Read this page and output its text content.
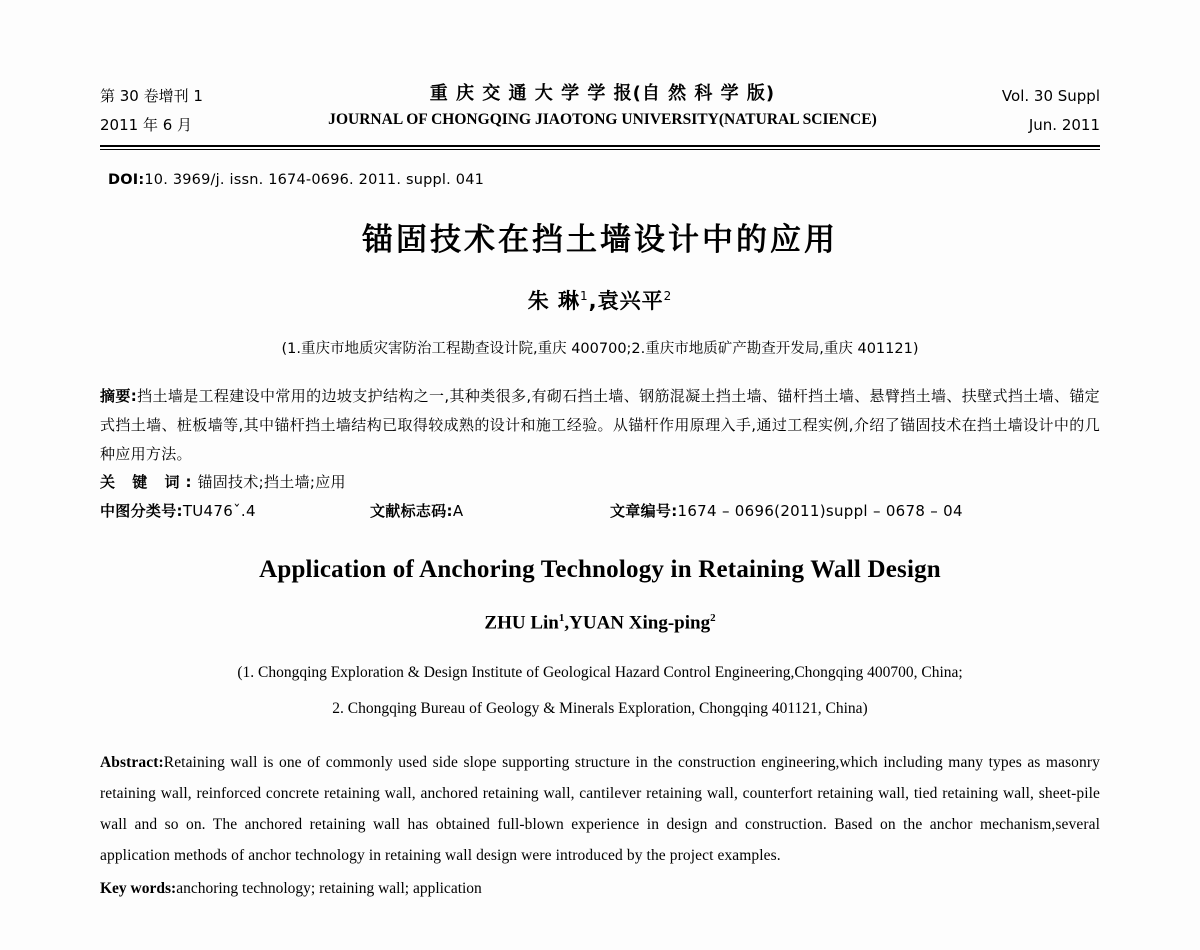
第 30 卷增刊 1
2011 年 6 月
重 庆 交 通 大 学 学 报(自 然 科 学 版)
JOURNAL OF CHONGQING JIAOTONG UNIVERSITY(NATURAL SCIENCE)
Vol. 30 Suppl
Jun. 2011
DOI:10. 3969/j. issn. 1674-0696. 2011. suppl. 041
锚固技术在挡土墙设计中的应用
朱 琳$^1$,袁兴平$^2$
(1.重庆市地质灾害防治工程勘查设计院,重庆 400700;2.重庆市地质矿产勘查开发局,重庆 401121)
摘要:挡土墙是工程建设中常用的边坡支护结构之一,其种类很多,有砌石挡土墙、钢筋混凝土挡土墙、锚杆挡土墙、悬臂挡土墙、扶壁式挡土墙、锚定式挡土墙、桩板墙等,其中锚杆挡土墙结构已取得较成熟的设计和施工经验。从锚杆作用原理入手,通过工程实例,介绍了锚固技术在挡土墙设计中的几种应用方法。
关 键 词:锚固技术;挡土墙;应用
中图分类号:TU476ˇ.4	文献标志码:A	文章编号:1674 – 0696(2011)suppl – 0678 – 04
Application of Anchoring Technology in Retaining Wall Design
ZHU Lin$^1$,YUAN Xing-ping$^2$
(1. Chongqing Exploration & Design Institute of Geological Hazard Control Engineering,Chongqing 400700, China;
2. Chongqing Bureau of Geology & Minerals Exploration, Chongqing 401121, China)
Abstract:Retaining wall is one of commonly used side slope supporting structure in the construction engineering,which including many types as masonry retaining wall, reinforced concrete retaining wall, anchored retaining wall, cantilever retaining wall, counterfort retaining wall, tied retaining wall, sheet-pile wall and so on. The anchored retaining wall has obtained full-blown experience in design and construction. Based on the anchor mechanism,several application methods of anchor technology in retaining wall design were introduced by the project examples.
Key words:anchoring technology; retaining wall; application
